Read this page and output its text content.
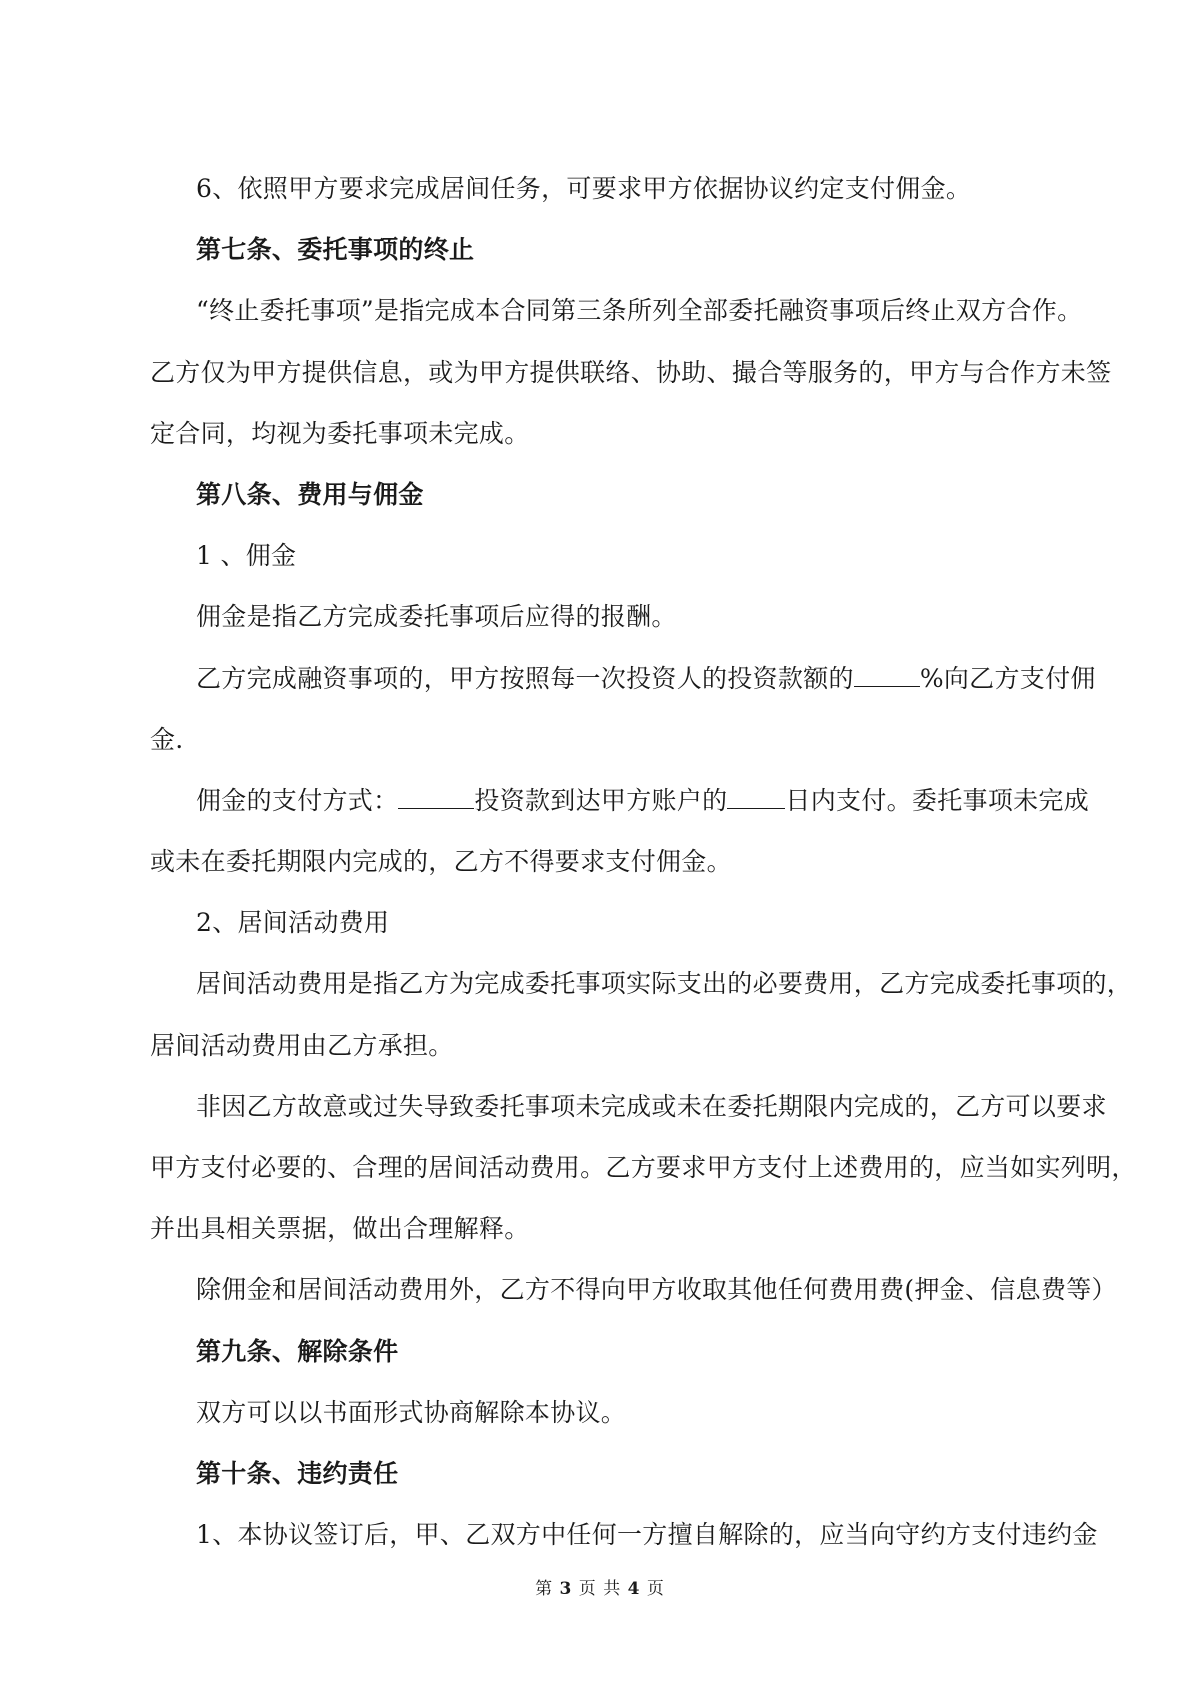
6、依照甲方要求完成居间任务，可要求甲方依据协议约定支付佣金。
第七条、委托事项的终止
“终止委托事项”是指完成本合同第三条所列全部委托融资事项后终止双方合作。
乙方仅为甲方提供信息，或为甲方提供联络、协助、撮合等服务的，甲方与合作方未签
定合同，均视为委托事项未完成。
第八条、费用与佣金
1 、佣金
佣金是指乙方完成委托事项后应得的报酬。
乙方完成融资事项的，甲方按照每一次投资人的投资款额的	%向乙方支付佣
金.
佣金的支付方式：	投资款到达甲方账户的 日内支付。委托事项未完成
或未在委托期限内完成的，乙方不得要求支付佣金。
2、居间活动费用
居间活动费用是指乙方为完成委托事项实际支出的必要费用，乙方完成委托事项的，
居间活动费用由乙方承担。
非因乙方故意或过失导致委托事项未完成或未在委托期限内完成的，乙方可以要求
甲方支付必要的、合理的居间活动费用。乙方要求甲方支付上述费用的，应当如实列明，
并出具相关票据，做出合理解释。
除佣金和居间活动费用外，乙方不得向甲方收取其他任何费用费(押金、信息费等）
第九条、解除条件
双方可以以书面形式协商解除本协议。
第十条、违约责任
1、本协议签订后，甲、乙双方中任何一方擅自解除的，应当向守约方支付违约金
第 3 页 共 4 页
